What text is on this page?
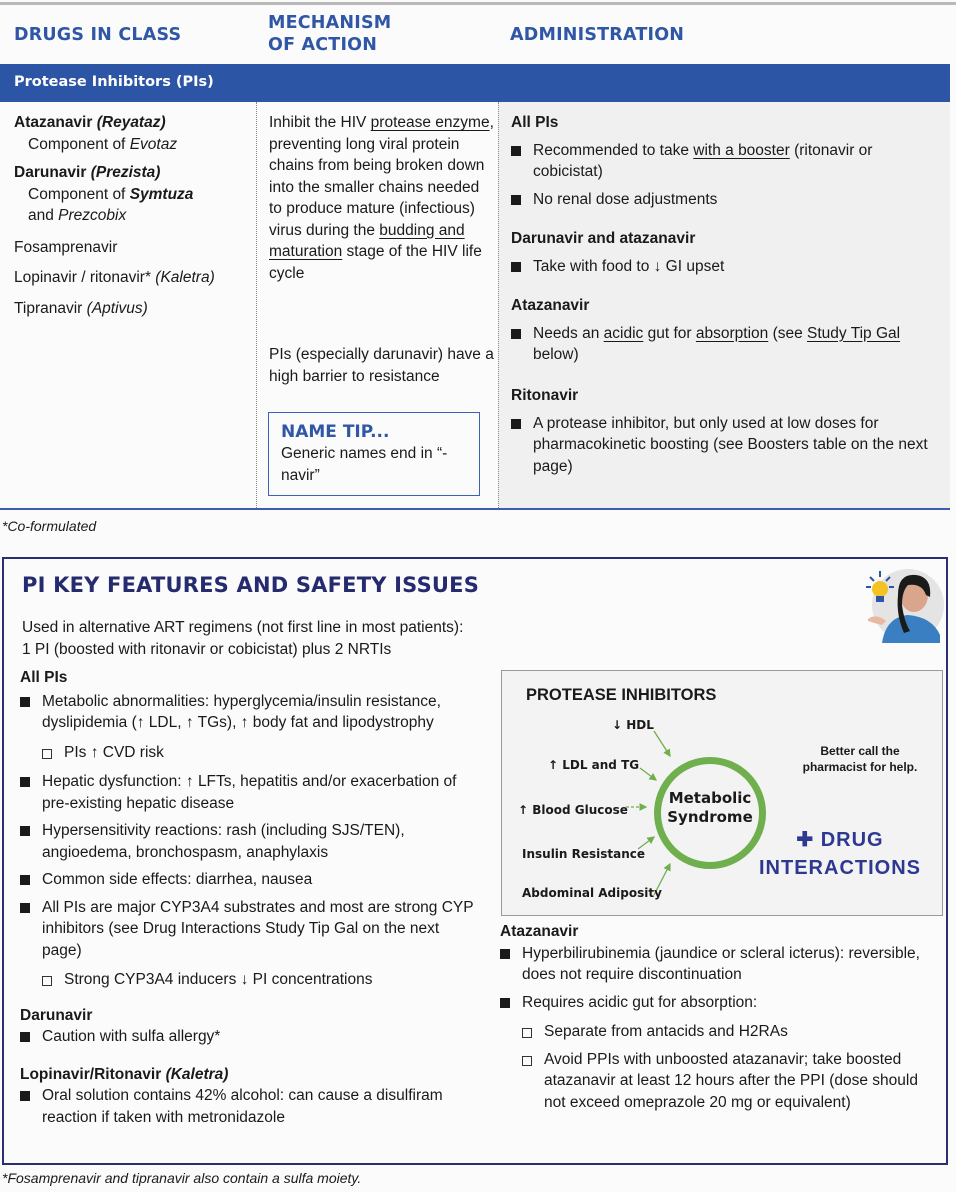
DRUGS IN CLASS
MECHANISM
OF ACTION	ADMINISTRATION
Protease Inhibitors (PIs)
Atazanavir (Reyataz)
Component of Evotaz
Darunavir (Prezista)
Component of Symtuza
and Prezcobix
Fosamprenavir
Lopinavir / ritonavir* (Kaletra)
Tipranavir (Aptivus)
Inhibit the HIV protease enzyme, preventing long viral protein chains from being broken down into the smaller chains needed to produce mature (infectious) virus during the budding and maturation stage of the HIV life cycle
PIs (especially darunavir) have a high barrier to resistance
All PIs
Recommended to take with a booster (ritonavir or cobicistat)
No renal dose adjustments
Darunavir and atazanavir
Take with food to ↓ GI upset
Atazanavir
Needs an acidic gut for absorption (see Study Tip Gal below)
Ritonavir
A protease inhibitor, but only used at low doses for pharmacokinetic boosting (see Boosters table on the next page)
NAME TIP...
Generic names end in “-navir”
*Co-formulated
PI KEY FEATURES AND SAFETY ISSUES
Used in alternative ART regimens (not first line in most patients):
1 PI (boosted with ritonavir or cobicistat) plus 2 NRTIs
All PIs
Metabolic abnormalities: hyperglycemia/insulin resistance, dyslipidemia (↑ LDL, ↑ TGs), ↑ body fat and lipodystrophy
PIs ↑ CVD risk
Hepatic dysfunction: ↑ LFTs, hepatitis and/or exacerbation of pre-existing hepatic disease
Hypersensitivity reactions: rash (including SJS/TEN), angioedema, bronchospasm, anaphylaxis
Common side effects: diarrhea, nausea
All PIs are major CYP3A4 substrates and most are strong CYP inhibitors (see Drug Interactions Study Tip Gal on the next page)
Strong CYP3A4 inducers ↓ PI concentrations
Darunavir
Caution with sulfa allergy*
Lopinavir/Ritonavir (Kaletra)
Oral solution contains 42% alcohol: can cause a disulfiram reaction if taken with metronidazole
PROTEASE INHIBITORS
↓ HDL
↑ LDL and TG
↑ Blood Glucose
Insulin Resistance
Abdominal Adiposity
Metabolic
Syndrome
Better call the pharmacist for help.
✚ DRUG
INTERACTIONS
Atazanavir
Hyperbilirubinemia (jaundice or scleral icterus): reversible, does not require discontinuation
Requires acidic gut for absorption:
Separate from antacids and H2RAs
Avoid PPIs with unboosted atazanavir; take boosted atazanavir at least 12 hours after the PPI (dose should not exceed omeprazole 20 mg or equivalent)
*Fosamprenavir and tipranavir also contain a sulfa moiety.
